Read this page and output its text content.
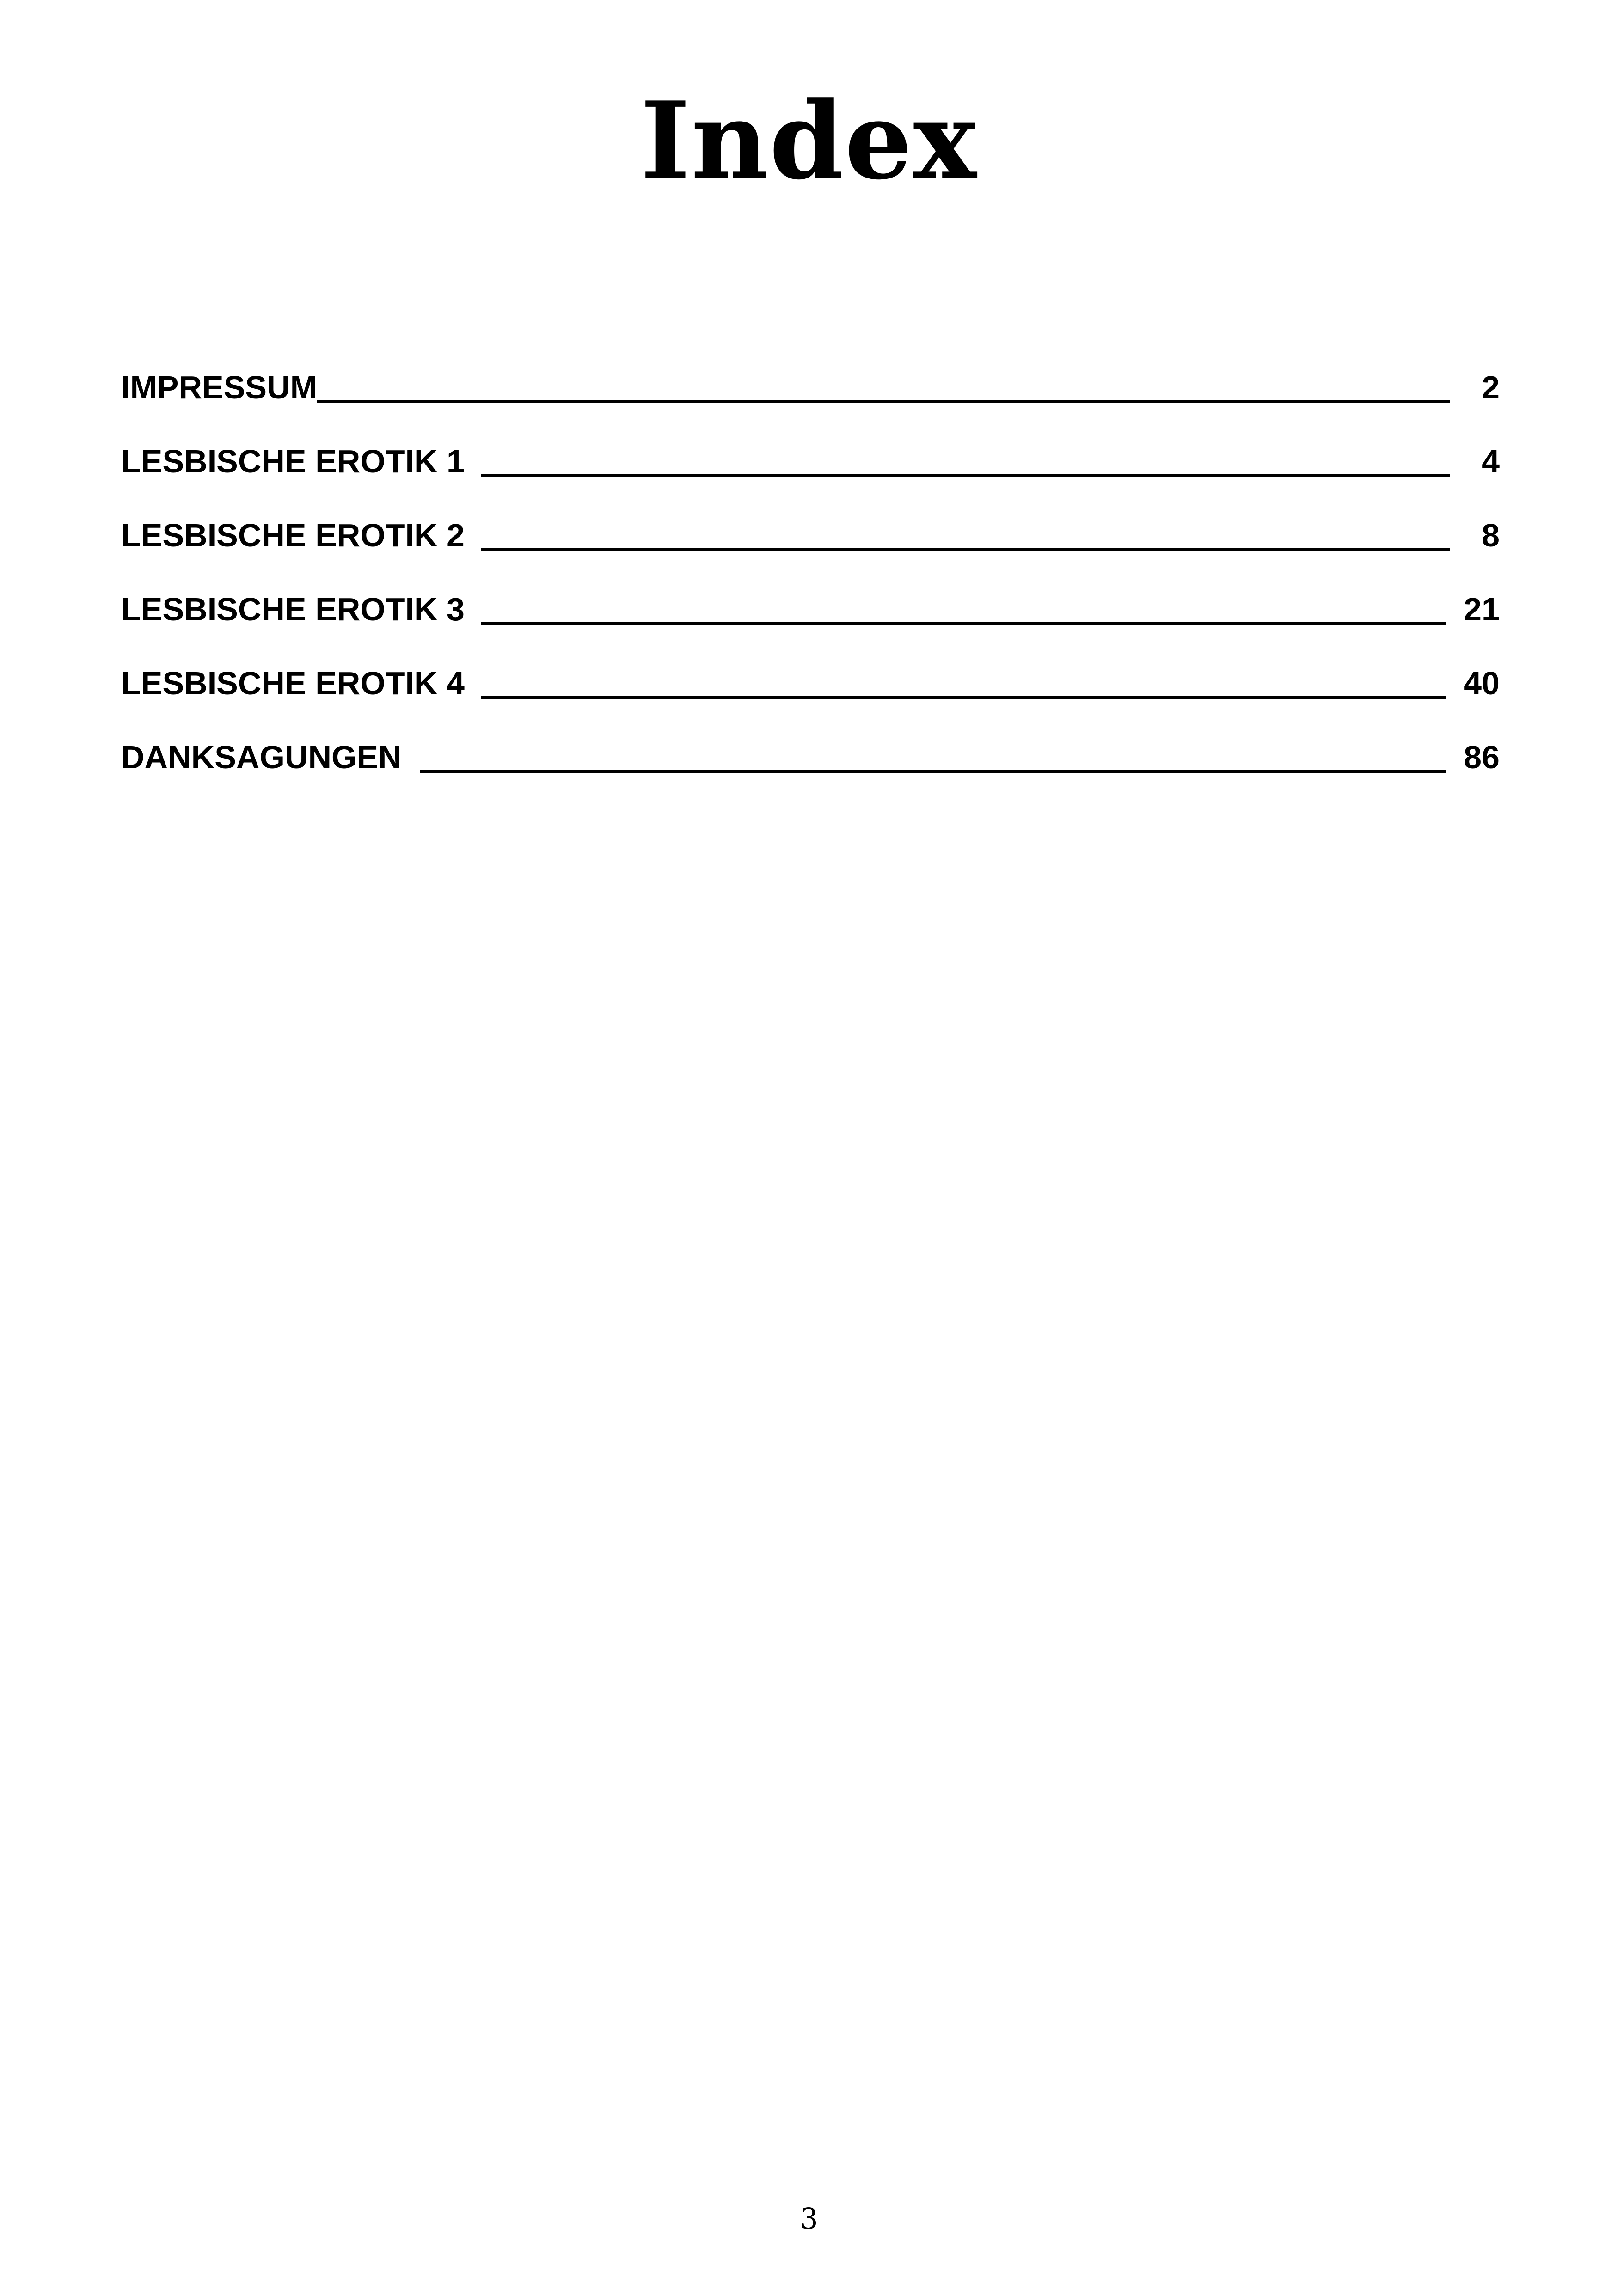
Index
IMPRESSUM	2
LESBISCHE EROTIK 1	4
LESBISCHE EROTIK 2	8
LESBISCHE EROTIK 3	21
LESBISCHE EROTIK 4	40
DANKSAGUNGEN	86
3
